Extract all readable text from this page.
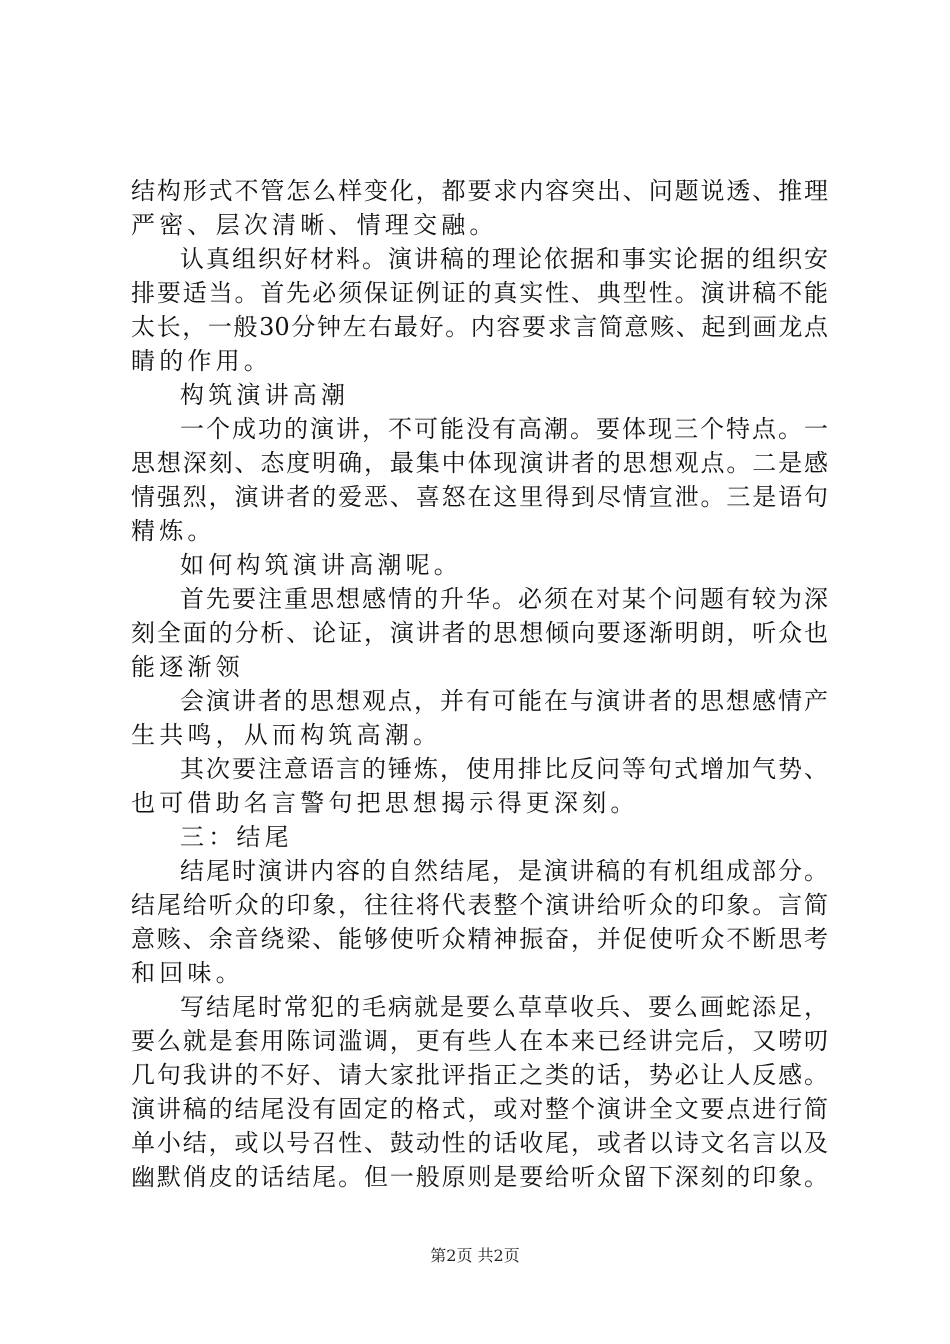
结构形式不管怎么样变化，都要求内容突出、问题说透、推理
严密、层次清晰、情理交融。
认真组织好材料。演讲稿的理论依据和事实论据的组织安
排要适当。首先必须保证例证的真实性、典型性。演讲稿不能
太长，一般30分钟左右最好。内容要求言简意赅、起到画龙点
睛的作用。
构筑演讲高潮
一个成功的演讲，不可能没有高潮。要体现三个特点。一
思想深刻、态度明确，最集中体现演讲者的思想观点。二是感
情强烈，演讲者的爱恶、喜怒在这里得到尽情宣泄。三是语句
精炼。
如何构筑演讲高潮呢。
首先要注重思想感情的升华。必须在对某个问题有较为深
刻全面的分析、论证，演讲者的思想倾向要逐渐明朗，听众也
能逐渐领
会演讲者的思想观点，并有可能在与演讲者的思想感情产
生共鸣，从而构筑高潮。
其次要注意语言的锤炼，使用排比反问等句式增加气势、
也可借助名言警句把思想揭示得更深刻。
三：结尾
结尾时演讲内容的自然结尾，是演讲稿的有机组成部分。
结尾给听众的印象，往往将代表整个演讲给听众的印象。言简
意赅、余音绕梁、能够使听众精神振奋，并促使听众不断思考
和回味。
写结尾时常犯的毛病就是要么草草收兵、要么画蛇添足，
要么就是套用陈词滥调，更有些人在本来已经讲完后，又唠叨
几句我讲的不好、请大家批评指正之类的话，势必让人反感。
演讲稿的结尾没有固定的格式，或对整个演讲全文要点进行简
单小结，或以号召性、鼓动性的话收尾，或者以诗文名言以及
幽默俏皮的话结尾。但一般原则是要给听众留下深刻的印象。
第2页 共2页
